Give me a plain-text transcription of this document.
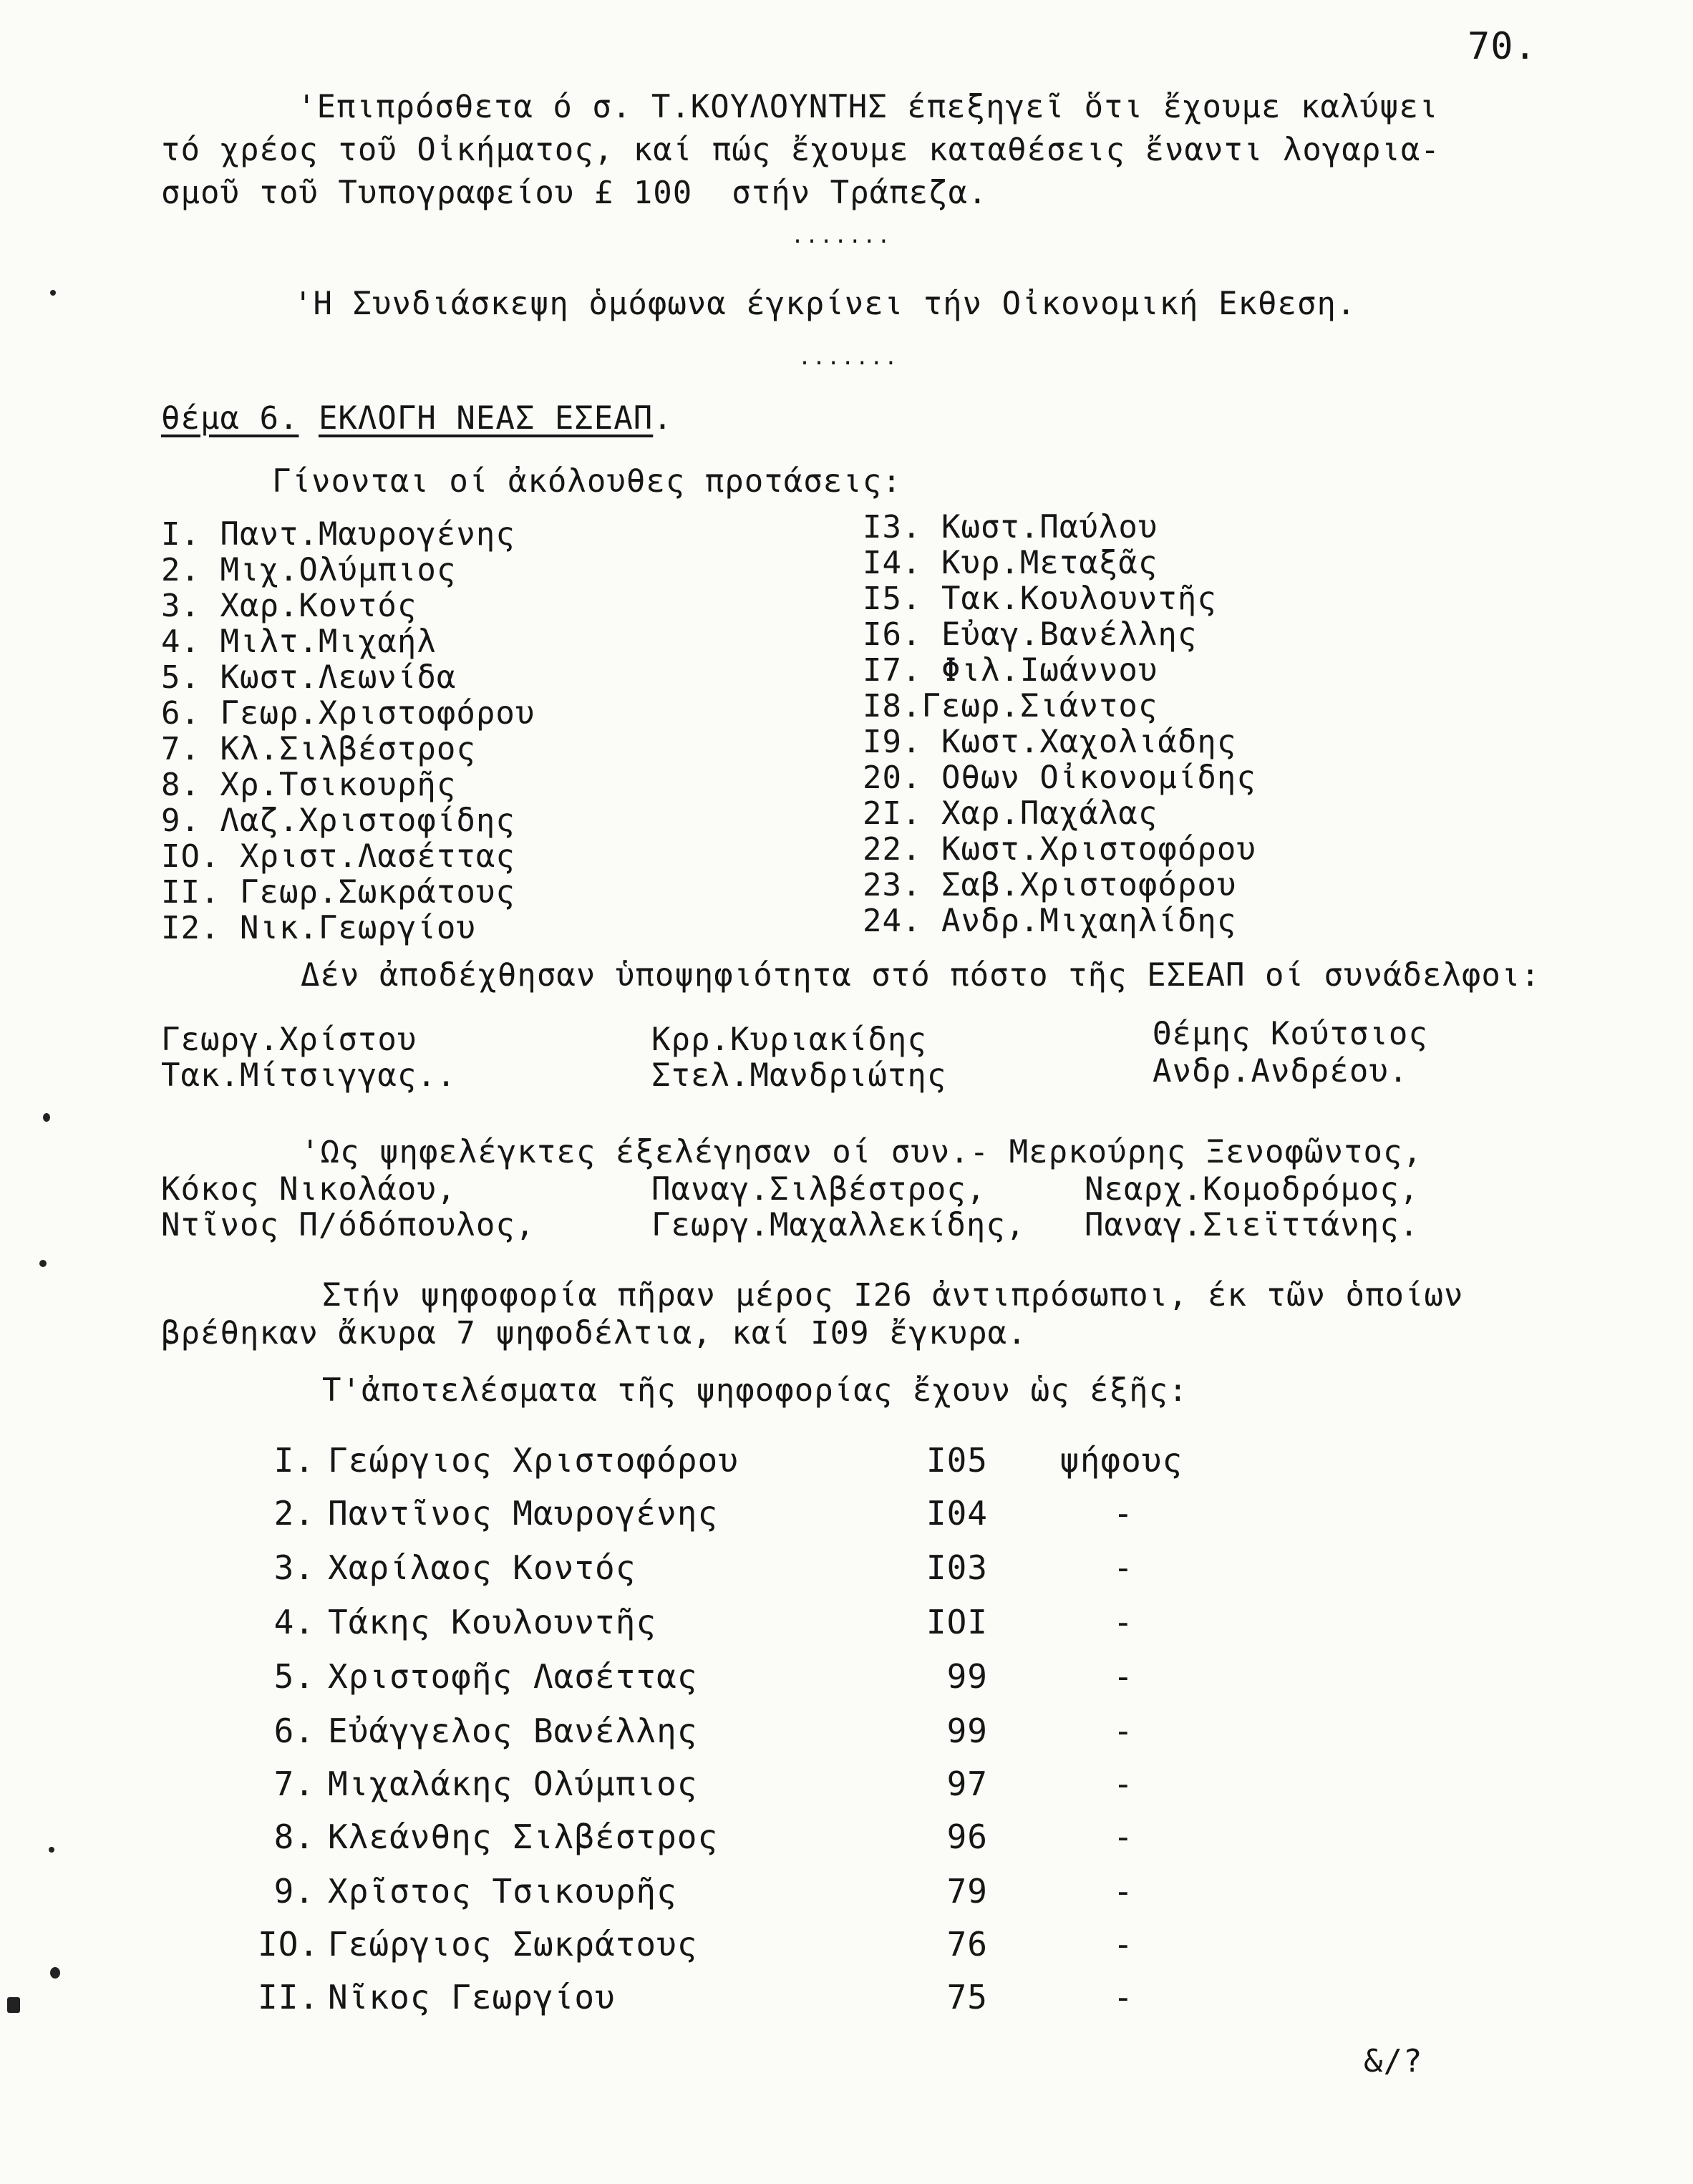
70.
'Επιπρόσθετα ό σ. Τ.ΚΟΥΛΟΥΝΤΗΣ έπεξηγεῖ ὅτι ἔχουμε καλύψει
τό χρέος τοῦ Οἰκήματος, καί πώς ἔχουμε καταθέσεις ἔναντι λογαρια-
σμοῦ τοῦ Τυπογραφείου £ 100  στήν Τράπεζα.
.......
'Η Συνδιάσκεψη ὁμόφωνα έγκρίνει τήν Οἰκονομική Εκθεση.
.......
θέμα 6. ΕΚΛΟΓΗ ΝΕΑΣ ΕΣΕΑΠ.
Γίνονται οί ἀκόλουθες προτάσεις:
I. Παντ.Μαυρογένης
2. Μιχ.Ολύμπιος
3. Χαρ.Κοντός
4. Μιλτ.Μιχαήλ
5. Κωστ.Λεωνίδα
6. Γεωρ.Χριστοφόρου
7. Κλ.Σιλβέστρος
8. Χρ.Τσικουρῆς
9. Λαζ.Χριστοφίδης
IO. Χριστ.Λασέττας
II. Γεωρ.Σωκράτους
I2. Νικ.Γεωργίου
I3. Κωστ.Παύλου
I4. Κυρ.Μεταξᾶς
I5. Τακ.Κουλουντῆς
I6. Εὐαγ.Βανέλλης
I7. Φιλ.Ιωάννου
I8.Γεωρ.Σιάντος
I9. Κωστ.Χαχολιάδης
20. Οθων Οἰκονομίδης
2I. Χαρ.Παχάλας
22. Κωστ.Χριστοφόρου
23. Σαβ.Χριστοφόρου
24. Ανδρ.Μιχαηλίδης
Δέν ἀποδέχθησαν ὑποψηφιότητα στό πόστο τῆς ΕΣΕΑΠ οί συνάδελφοι:
Γεωργ.Χρίστου	Κρρ.Κυριακίδης	Θέμης Κούτσιος
Τακ.Μίτσιγγας..	Στελ.Μανδριώτης	Ανδρ.Ανδρέου.
'Ως ψηφελέγκτες έξελέγησαν οί συν.- Μερκούρης Ξενοφῶντος,
Κόκος Νικολάου,	Παναγ.Σιλβέστρος,	Νεαρχ.Κομοδρόμος,
Ντῖνος Π/όδόπουλος,	Γεωργ.Μαχαλλεκίδης, Παναγ.Σιεϊττάνης.
Στήν ψηφοφορία πῆραν μέρος I26 ἀντιπρόσωποι, έκ τῶν ὁποίων
βρέθηκαν ἄκυρα 7 ψηφοδέλτια, καί I09 ἔγκυρα.
Τ'ἀποτελέσματα τῆς ψηφοφορίας ἔχουν ὡς έξῆς:
I. Γεώργιος Χριστοφόρου	I05 ψήφους
2. Παντῖνος Μαυρογένης	I04	-
3. Χαρίλαος Κοντός	I03	-
4. Τάκης Κουλουντῆς	IOI	-
5. Χριστοφῆς Λασέττας	99	-
6. Εὐάγγελος Βανέλλης	99	-
7. Μιχαλάκης Ολύμπιος	97	-
8. Κλεάνθης Σιλβέστρος	96	-
9. Χρῖστος Τσικουρῆς	79	-
IO. Γεώργιος Σωκράτους	76	-
II. Νῖκος Γεωργίου	75	-
&/?
